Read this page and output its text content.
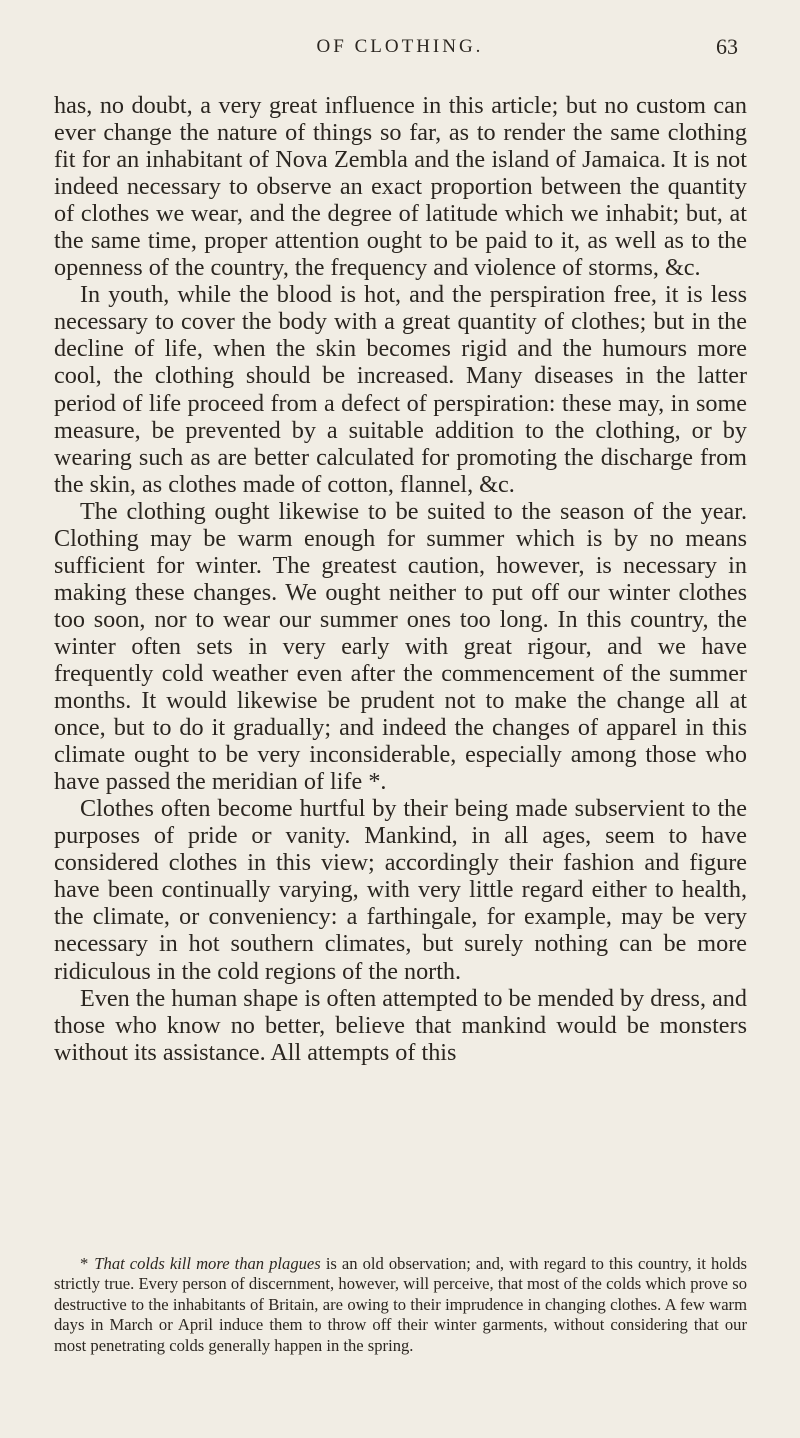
OF CLOTHING.	63

has, no doubt, a very great influence in this article; but no custom can ever change the nature of things so far, as to render the same clothing fit for an inhabitant of Nova Zembla and the island of Jamaica. It is not indeed necessary to observe an exact proportion between the quantity of clothes we wear, and the degree of latitude which we inhabit; but, at the same time, proper attention ought to be paid to it, as well as to the openness of the country, the frequency and violence of storms, &c.

In youth, while the blood is hot, and the perspiration free, it is less necessary to cover the body with a great quantity of clothes; but in the decline of life, when the skin becomes rigid and the humours more cool, the clothing should be increased. Many diseases in the latter period of life proceed from a defect of perspiration: these may, in some measure, be prevented by a suitable addition to the clothing, or by wearing such as are better calculated for promoting the discharge from the skin, as clothes made of cotton, flannel, &c.

The clothing ought likewise to be suited to the season of the year. Clothing may be warm enough for summer which is by no means sufficient for winter. The greatest caution, however, is necessary in making these changes. We ought neither to put off our winter clothes too soon, nor to wear our summer ones too long. In this country, the winter often sets in very early with great rigour, and we have frequently cold weather even after the commencement of the summer months. It would likewise be prudent not to make the change all at once, but to do it gradually; and indeed the changes of apparel in this climate ought to be very inconsiderable, especially among those who have passed the meridian of life *.

Clothes often become hurtful by their being made subservient to the purposes of pride or vanity. Mankind, in all ages, seem to have considered clothes in this view; accordingly their fashion and figure have been continually varying, with very little regard either to health, the climate, or conveniency: a farthingale, for example, may be very necessary in hot southern climates, but surely nothing can be more ridiculous in the cold regions of the north.

Even the human shape is often attempted to be mended by dress, and those who know no better, believe that mankind would be monsters without its assistance. All attempts of this

* That colds kill more than plagues is an old observation; and, with regard to this country, it holds strictly true. Every person of discernment, however, will perceive, that most of the colds which prove so destructive to the inhabitants of Britain, are owing to their imprudence in changing clothes. A few warm days in March or April induce them to throw off their winter garments, without considering that our most penetrating colds generally happen in the spring.
